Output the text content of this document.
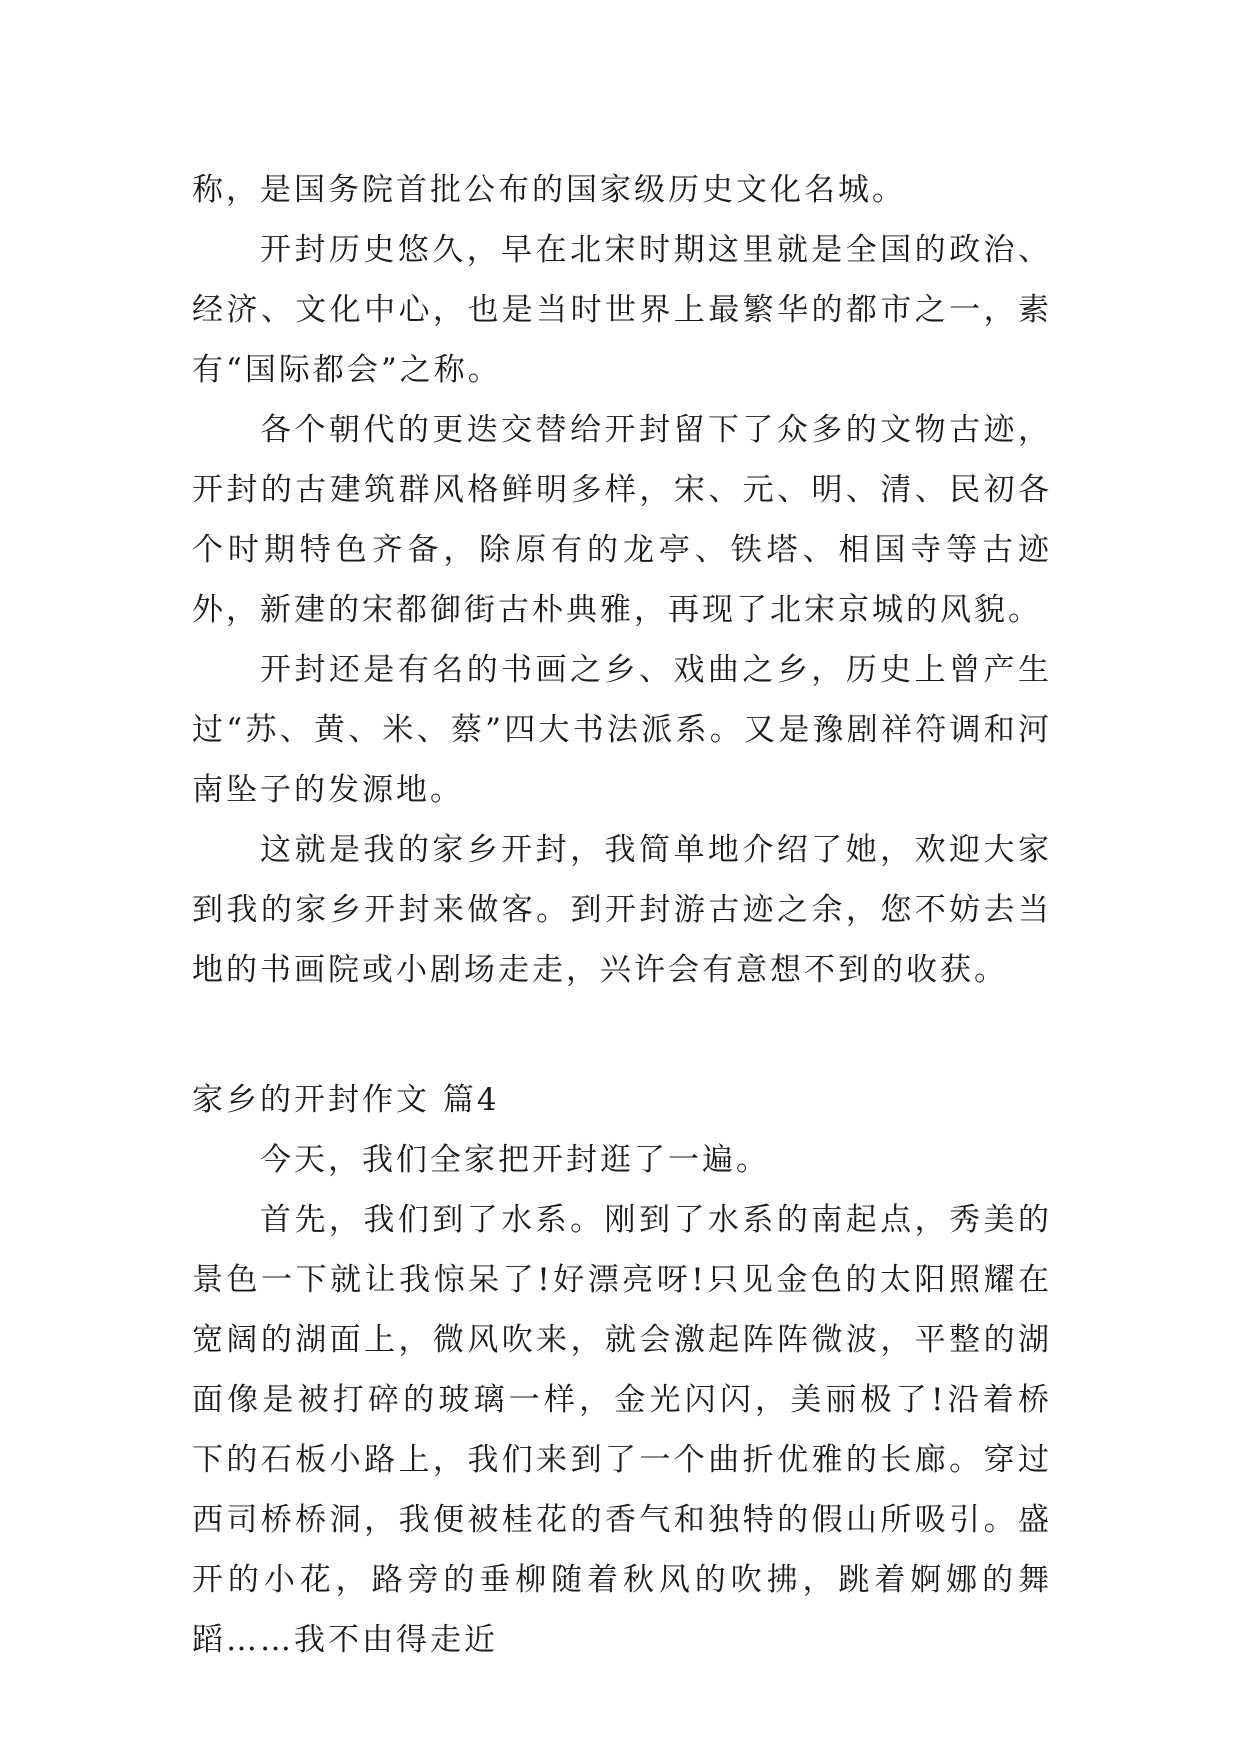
称，是国务院首批公布的国家级历史文化名城。

开封历史悠久，早在北宋时期这里就是全国的政治、经济、文化中心，也是当时世界上最繁华的都市之一，素有“国际都会”之称。

各个朝代的更迭交替给开封留下了众多的文物古迹，开封的古建筑群风格鲜明多样，宋、元、明、清、民初各个时期特色齐备，除原有的龙亭、铁塔、相国寺等古迹外，新建的宋都御街古朴典雅，再现了北宋京城的风貌。

开封还是有名的书画之乡、戏曲之乡，历史上曾产生过“苏、黄、米、蔡”四大书法派系。又是豫剧祥符调和河南坠子的发源地。

这就是我的家乡开封，我简单地介绍了她，欢迎大家到我的家乡开封来做客。到开封游古迹之余，您不妨去当地的书画院或小剧场走走，兴许会有意想不到的收获。

家乡的开封作文 篇4

今天，我们全家把开封逛了一遍。

首先，我们到了水系。刚到了水系的南起点，秀美的景色一下就让我惊呆了!好漂亮呀!只见金色的太阳照耀在宽阔的湖面上，微风吹来，就会激起阵阵微波，平整的湖面像是被打碎的玻璃一样，金光闪闪，美丽极了!沿着桥下的石板小路上，我们来到了一个曲折优雅的长廊。穿过西司桥桥洞，我便被桂花的香气和独特的假山所吸引。盛开的小花，路旁的垂柳随着秋风的吹拂，跳着婀娜的舞蹈……我不由得走近
